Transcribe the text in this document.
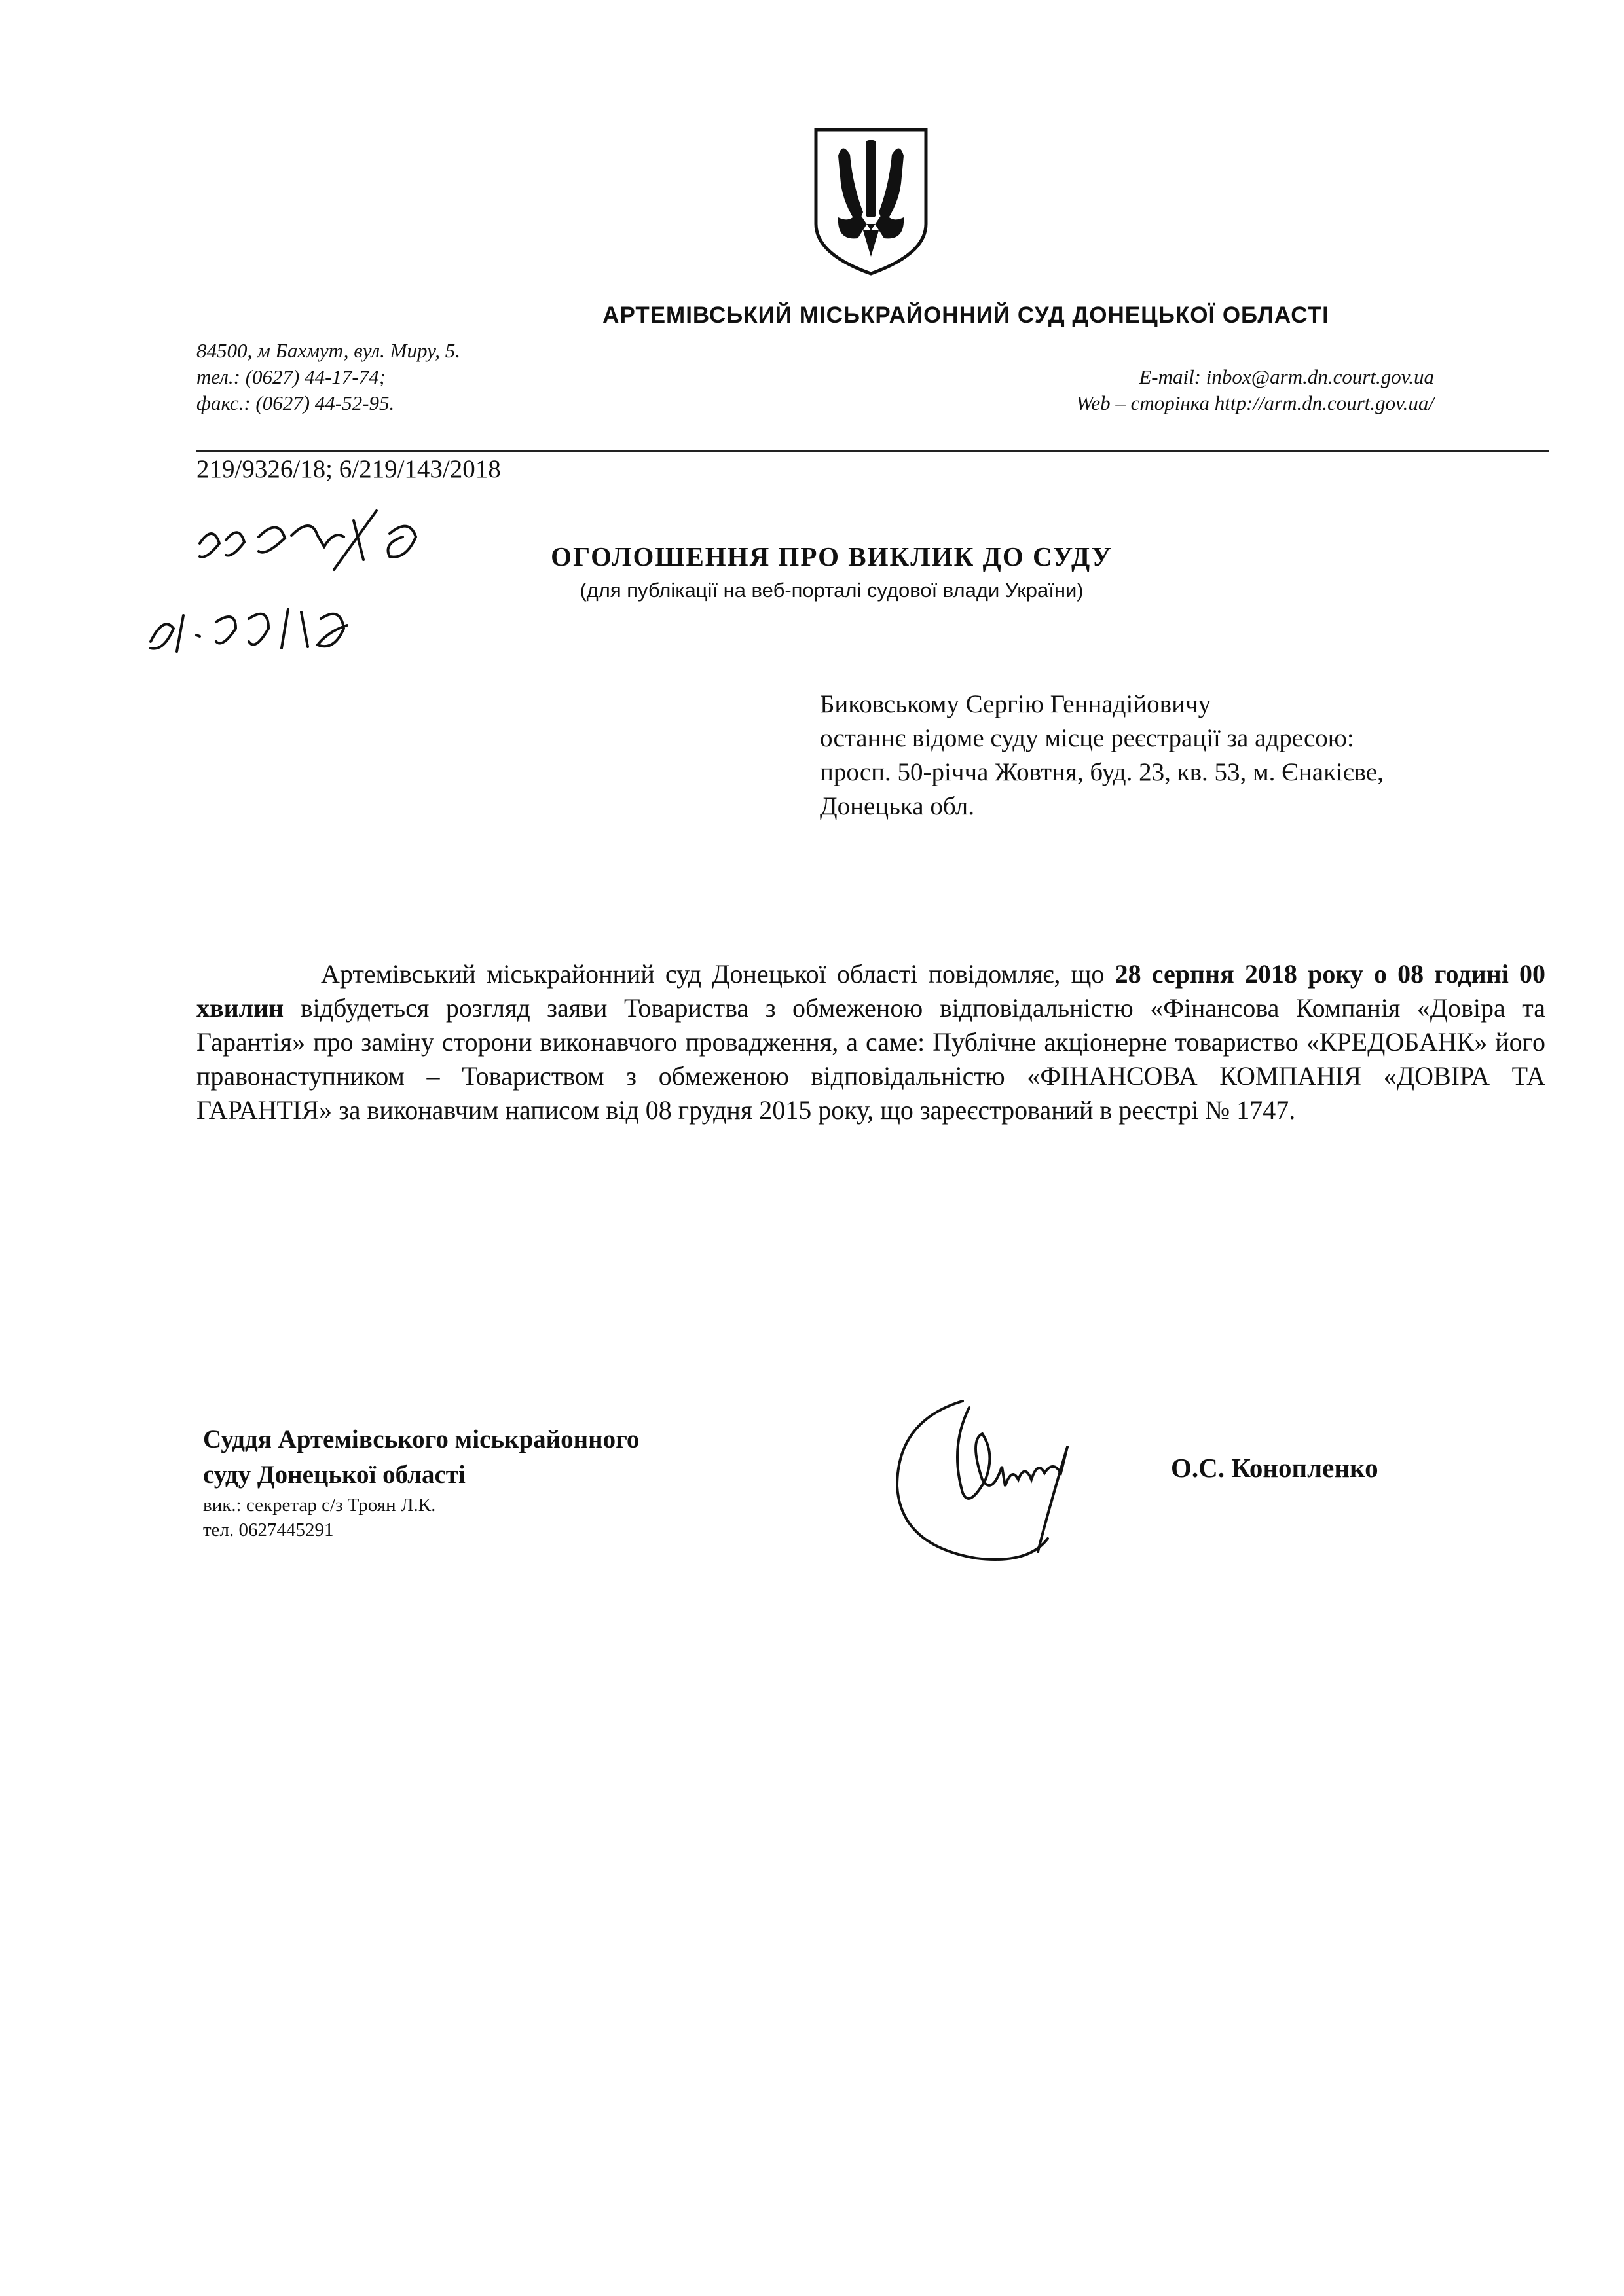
АРТЕМІВСЬКИЙ МІСЬКРАЙОННИЙ СУД ДОНЕЦЬКОЇ ОБЛАСТІ
84500, м Бахмут, вул. Миру, 5.
тел.: (0627) 44-17-74;
факс.: (0627) 44-52-95.
E-mail: inbox@arm.dn.court.gov.ua
Web – сторінка http://arm.dn.court.gov.ua/
219/9326/18; 6/219/143/2018
ОГОЛОШЕННЯ ПРО ВИКЛИК ДО СУДУ
(для публікації на веб-порталі судової влади України)
Биковському Сергію Геннадійовичу
останнє відоме суду місце реєстрації за адресою:
просп. 50-річча Жовтня, буд. 23, кв. 53, м. Єнакієве,
Донецька обл.

Артемівський міськрайонний суд Донецької області повідомляє, що 28 серпня 2018 року о 08 годині 00 хвилин відбудеться розгляд заяви Товариства з обмеженою відповідальністю «Фінансова Компанія «Довіра та Гарантія» про заміну сторони виконавчого провадження, а саме: Публічне акціонерне товариство «КРЕДОБАНК» його правонаступником – Товариством з обмеженою відповідальністю «ФІНАНСОВА КОМПАНІЯ «ДОВІРА ТА ГАРАНТІЯ» за виконавчим написом від 08 грудня 2015 року, що зареєстрований в реєстрі № 1747.

Суддя Артемівського міськрайонного
суду Донецької області
вик.: секретар с/з Троян Л.К.
тел. 0627445291
О.С. Коноплeнко
